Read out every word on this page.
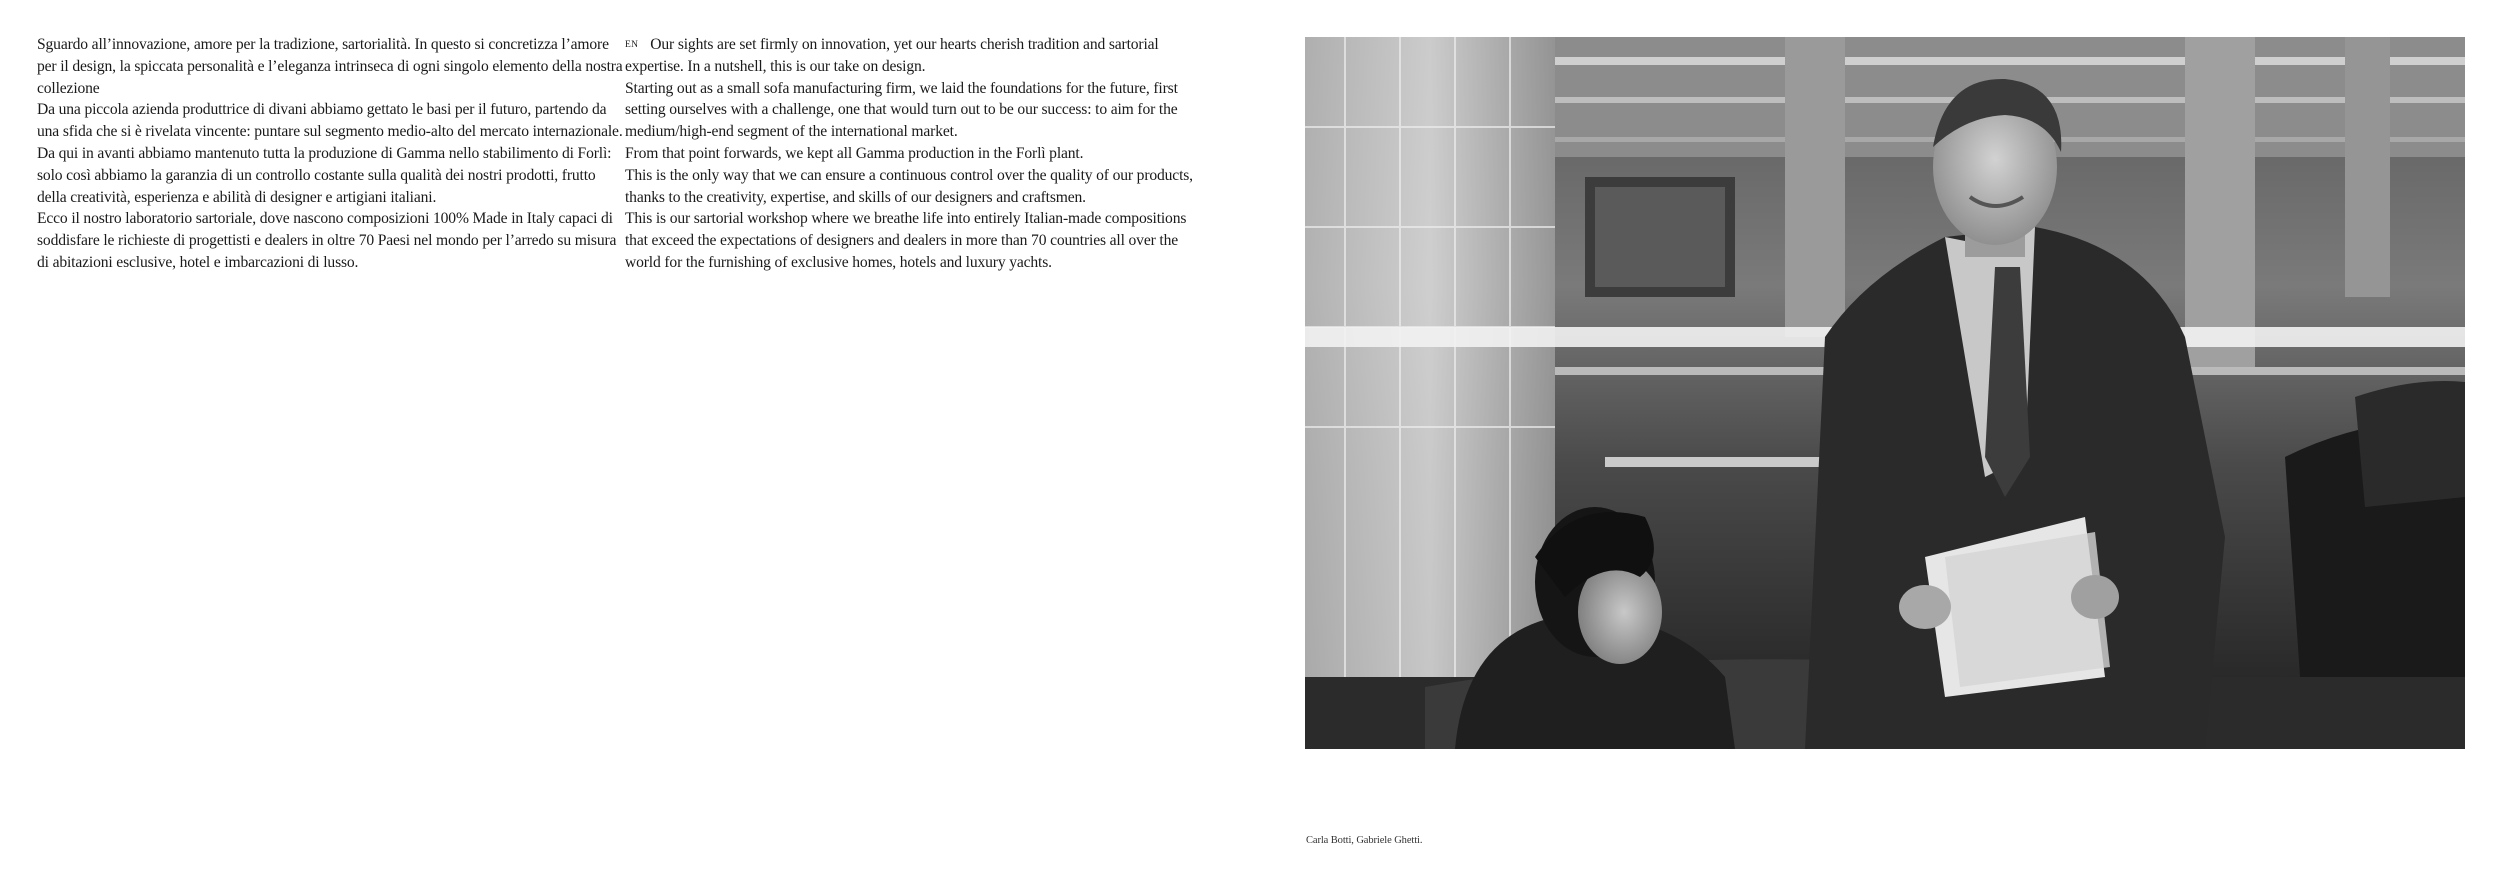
Sguardo all’innovazione, amore per la tradizione, sartorialità. In questo si concretizza l’amore per il design, la spiccata personalità e l’eleganza intrinseca di ogni singolo elemento della nostra collezione

Da una piccola azienda produttrice di divani abbiamo gettato le basi per il futuro, partendo da una sfida che si è rivelata vincente: puntare sul segmento medio-alto del mercato internazionale. Da qui in avanti abbiamo mantenuto tutta la produzione di Gamma nello stabilimento di Forlì: solo così abbiamo la garanzia di un controllo costante sulla qualità dei nostri prodotti, frutto della creatività, esperienza e abilità di designer e artigiani italiani.

Ecco il nostro laboratorio sartoriale, dove nascono composizioni 100% Made in Italy capaci di soddisfare le richieste di progettisti e dealers in oltre 70 Paesi nel mondo per l’arredo su misura di abitazioni esclusive, hotel e imbarcazioni di lusso.

$^{EN}$ Our sights are set firmly on innovation, yet our hearts cherish tradition and sartorial expertise. In a nutshell, this is our take on design.

Starting out as a small sofa manufacturing firm, we laid the foundations for the future, first setting ourselves with a challenge, one that would turn out to be our success: to aim for the medium/high-end segment of the international market.

From that point forwards, we kept all Gamma production in the Forlì plant.

This is the only way that we can ensure a continuous control over the quality of our products, thanks to the creativity, expertise, and skills of our designers and craftsmen.

This is our sartorial workshop where we breathe life into entirely Italian-made compositions that exceed the expectations of designers and dealers in more than 70 countries all over the world for the furnishing of exclusive homes, hotels and luxury yachts.

Carla Botti, Gabriele Ghetti.
